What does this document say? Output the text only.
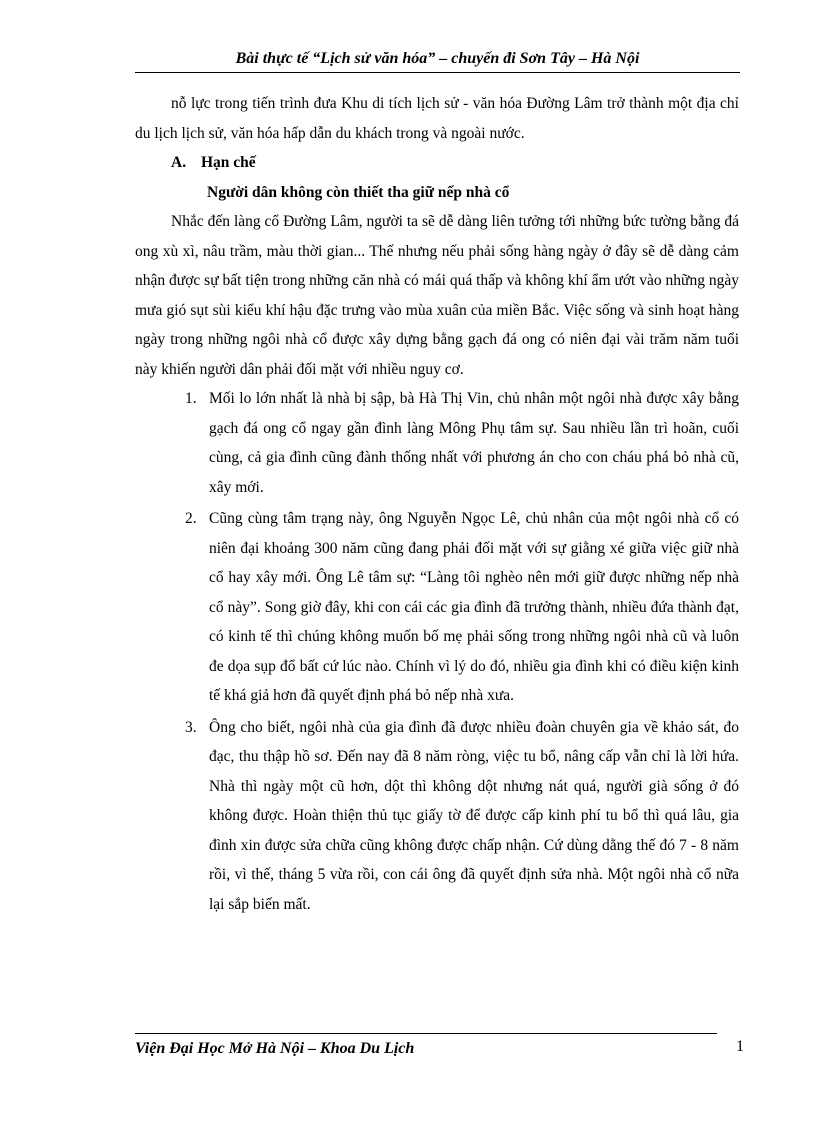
Bài thực tế “Lịch sử văn hóa” – chuyến đi Sơn Tây – Hà Nội

nỗ lực trong tiến trình đưa Khu di tích lịch sử - văn hóa Đường Lâm trở thành một địa chỉ du lịch lịch sử, văn hóa hấp dẫn du khách trong và ngoài nước.

A. Hạn chế

Người dân không còn thiết tha giữ nếp nhà cổ

Nhắc đến làng cổ Đường Lâm, người ta sẽ dễ dàng liên tưởng tới những bức tường bằng đá ong xù xì, nâu trầm, màu thời gian... Thế nhưng nếu phải sống hàng ngày ở đây sẽ dễ dàng cảm nhận được sự bất tiện trong những căn nhà có mái quá thấp và không khí ẩm ướt vào những ngày mưa gió sụt sùi kiểu khí hậu đặc trưng vào mùa xuân của miền Bắc. Việc sống và sinh hoạt hàng ngày trong những ngôi nhà cổ được xây dựng bằng gạch đá ong có niên đại vài trăm năm tuổi này khiến người dân phải đối mặt với nhiều nguy cơ.

1. Mối lo lớn nhất là nhà bị sập, bà Hà Thị Vin, chủ nhân một ngôi nhà được xây bằng gạch đá ong cổ ngay gần đình làng Mông Phụ tâm sự. Sau nhiều lần trì hoãn, cuối cùng, cả gia đình cũng đành thống nhất với phương án cho con cháu phá bỏ nhà cũ, xây mới.
2. Cũng cùng tâm trạng này, ông Nguyễn Ngọc Lê, chủ nhân của một ngôi nhà cổ có niên đại khoảng 300 năm cũng đang phải đối mặt với sự giằng xé giữa việc giữ nhà cổ hay xây mới. Ông Lê tâm sự: “Làng tôi nghèo nên mới giữ được những nếp nhà cổ này”. Song giờ đây, khi con cái các gia đình đã trưởng thành, nhiều đứa thành đạt, có kinh tế thì chúng không muốn bố mẹ phải sống trong những ngôi nhà cũ và luôn đe dọa sụp đổ bất cứ lúc nào. Chính vì lý do đó, nhiều gia đình khi có điều kiện kinh tế khá giả hơn đã quyết định phá bỏ nếp nhà xưa.
3. Ông cho biết, ngôi nhà của gia đình đã được nhiều đoàn chuyên gia về khảo sát, đo đạc, thu thập hồ sơ. Đến nay đã 8 năm ròng, việc tu bổ, nâng cấp vẫn chỉ là lời hứa. Nhà thì ngày một cũ hơn, dột thì không dột nhưng nát quá, người già sống ở đó không được. Hoàn thiện thủ tục giấy tờ để được cấp kinh phí tu bổ thì quá lâu, gia đình xin được sửa chữa cũng không được chấp nhận. Cứ dùng dằng thế đó 7 - 8 năm rồi, vì thế, tháng 5 vừa rồi, con cái ông đã quyết định sửa nhà. Một ngôi nhà cổ nữa lại sắp biến mất.
Viện Đại Học Mở Hà Nội – Khoa Du Lịch	1
